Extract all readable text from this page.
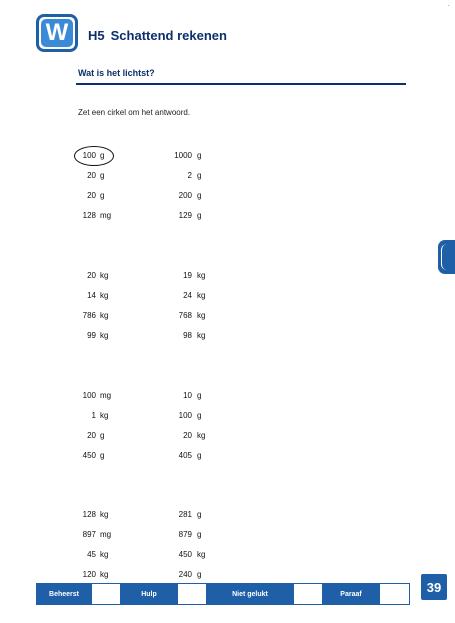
.
W	H5 Schattend rekenen
Wat is het lichtst?
Zet een cirkel om het antwoord.
100 g	1000 g
20 g	2 g
20 g	200 g
128 mg	129 g
20 kg	19 kg
14 kg	24 kg
786 kg	768 kg
99 kg	98 kg
100 mg	10 g
1 kg	100 g
20 g	20 kg
450 g	405 g
128 kg	281 g
897 mg	879 g
45 kg	450 kg
120 kg	240 g
Beheerst	Hulp	Niet gelukt	Paraaf	39
